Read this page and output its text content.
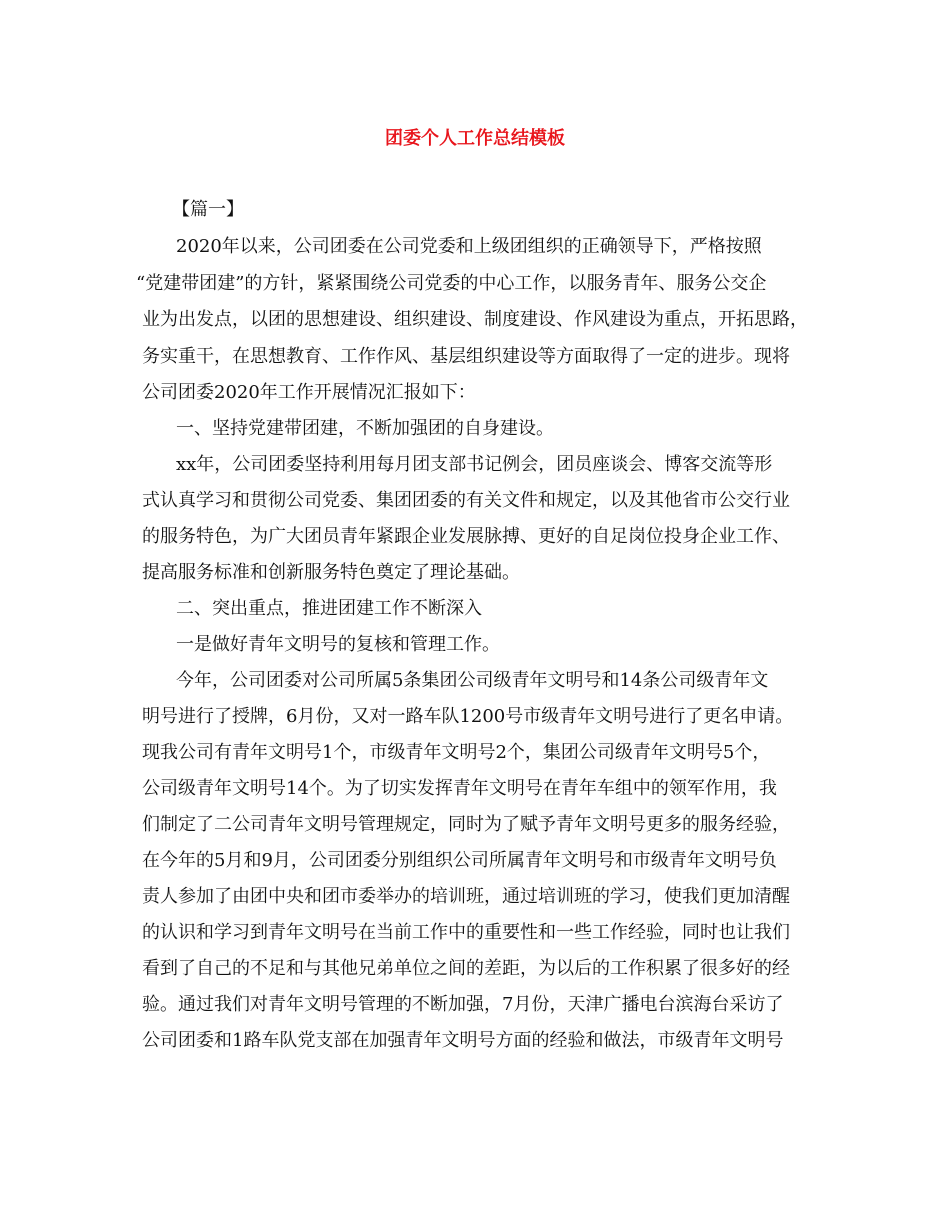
团委个人工作总结模板
【篇一】
2020年以来，公司团委在公司党委和上级团组织的正确领导下，严格按照
“党建带团建”的方针，紧紧围绕公司党委的中心工作，以服务青年、服务公交企
业为出发点，以团的思想建设、组织建设、制度建设、作风建设为重点，开拓思路，
务实重干，在思想教育、工作作风、基层组织建设等方面取得了一定的进步。现将
公司团委2020年工作开展情况汇报如下：
一、坚持党建带团建，不断加强团的自身建设。
xx年，公司团委坚持利用每月团支部书记例会，团员座谈会、博客交流等形
式认真学习和贯彻公司党委、集团团委的有关文件和规定，以及其他省市公交行业
的服务特色，为广大团员青年紧跟企业发展脉搏、更好的自足岗位投身企业工作、
提高服务标准和创新服务特色奠定了理论基础。
二、突出重点，推进团建工作不断深入
一是做好青年文明号的复核和管理工作。
今年，公司团委对公司所属5条集团公司级青年文明号和14条公司级青年文
明号进行了授牌，6月份，又对一路车队1200号市级青年文明号进行了更名申请。
现我公司有青年文明号1个，市级青年文明号2个，集团公司级青年文明号5个，
公司级青年文明号14个。为了切实发挥青年文明号在青年车组中的领军作用，我
们制定了二公司青年文明号管理规定，同时为了赋予青年文明号更多的服务经验，
在今年的5月和9月，公司团委分别组织公司所属青年文明号和市级青年文明号负
责人参加了由团中央和团市委举办的培训班，通过培训班的学习，使我们更加清醒
的认识和学习到青年文明号在当前工作中的重要性和一些工作经验，同时也让我们
看到了自己的不足和与其他兄弟单位之间的差距，为以后的工作积累了很多好的经
验。通过我们对青年文明号管理的不断加强，7月份，天津广播电台滨海台采访了
公司团委和1路车队党支部在加强青年文明号方面的经验和做法，市级青年文明号
